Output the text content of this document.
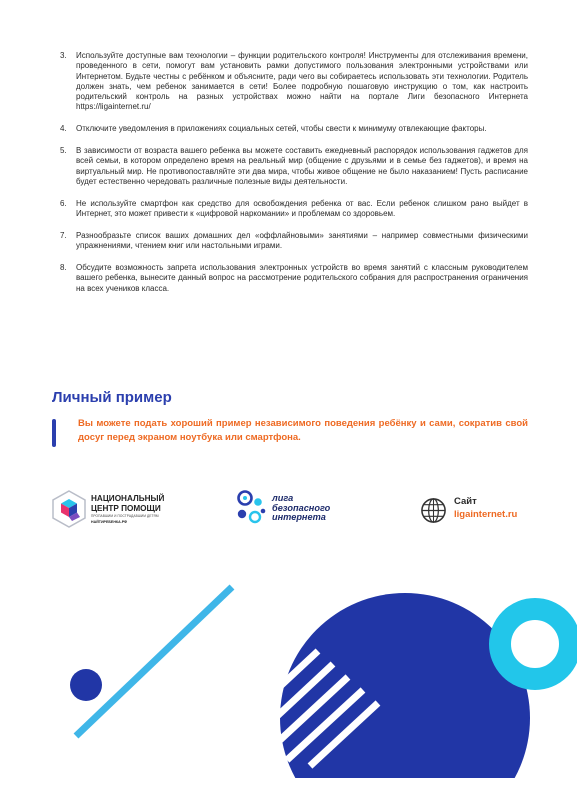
3. Используйте доступные вам технологии – функции родительского контроля! Инструменты для отслеживания времени, проведенного в сети, помогут вам установить рамки допустимого пользования электронными устройствами или Интернетом. Будьте честны с ребёнком и объясните, ради чего вы собираетесь использовать эти технологии. Родитель должен знать, чем ребенок занимается в сети! Более подробную пошаговую инструкцию о том, как настроить родительский контроль на разных устройствах можно найти на портале Лиги безопасного Интернета https://ligainternet.ru/

4. Отключите уведомления в приложениях социальных сетей, чтобы свести к минимуму отвлекающие факторы.

5. В зависимости от возраста вашего ребенка вы можете составить ежедневный распорядок использования гаджетов для всей семьи, в котором определено время на реальный мир (общение с друзьями и в семье без гаджетов), и время на виртуальный мир. Не противопоставляйте эти два мира, чтобы живое общение не было наказанием! Пусть расписание будет естественно чередовать различные полезные виды деятельности.

6. Не используйте смартфон как средство для освобождения ребенка от вас. Если ребенок слишком рано выйдет в Интернет, это может привести к «цифровой наркомании» и проблемам со здоровьем.

7. Разнообразьте список ваших домашних дел «оффлайновыми» занятиями – например совместными физическими упражнениями, чтением книг или настольными играми.

8. Обсудите возможность запрета использования электронных устройств во время занятий с классным руководителем вашего ребенка, вынесите данный вопрос на рассмотрение родительского собрания для распространения ограничения на всех учеников класса.

Личный пример

Вы можете подать хороший пример независимого поведения ребёнку и сами, сократив свой досуг перед экраном ноутбука или смартфона.

НАЦИОНАЛЬНЫЙ
ЦЕНТР ПОМОЩИ
ПРОПАВШИМ И ПОСТРАДАВШИМ ДЕТЯМ
НАЙТИРЕБЕНКА.РФ
лига
безопасного
интернета
Сайт
ligainternet.ru
